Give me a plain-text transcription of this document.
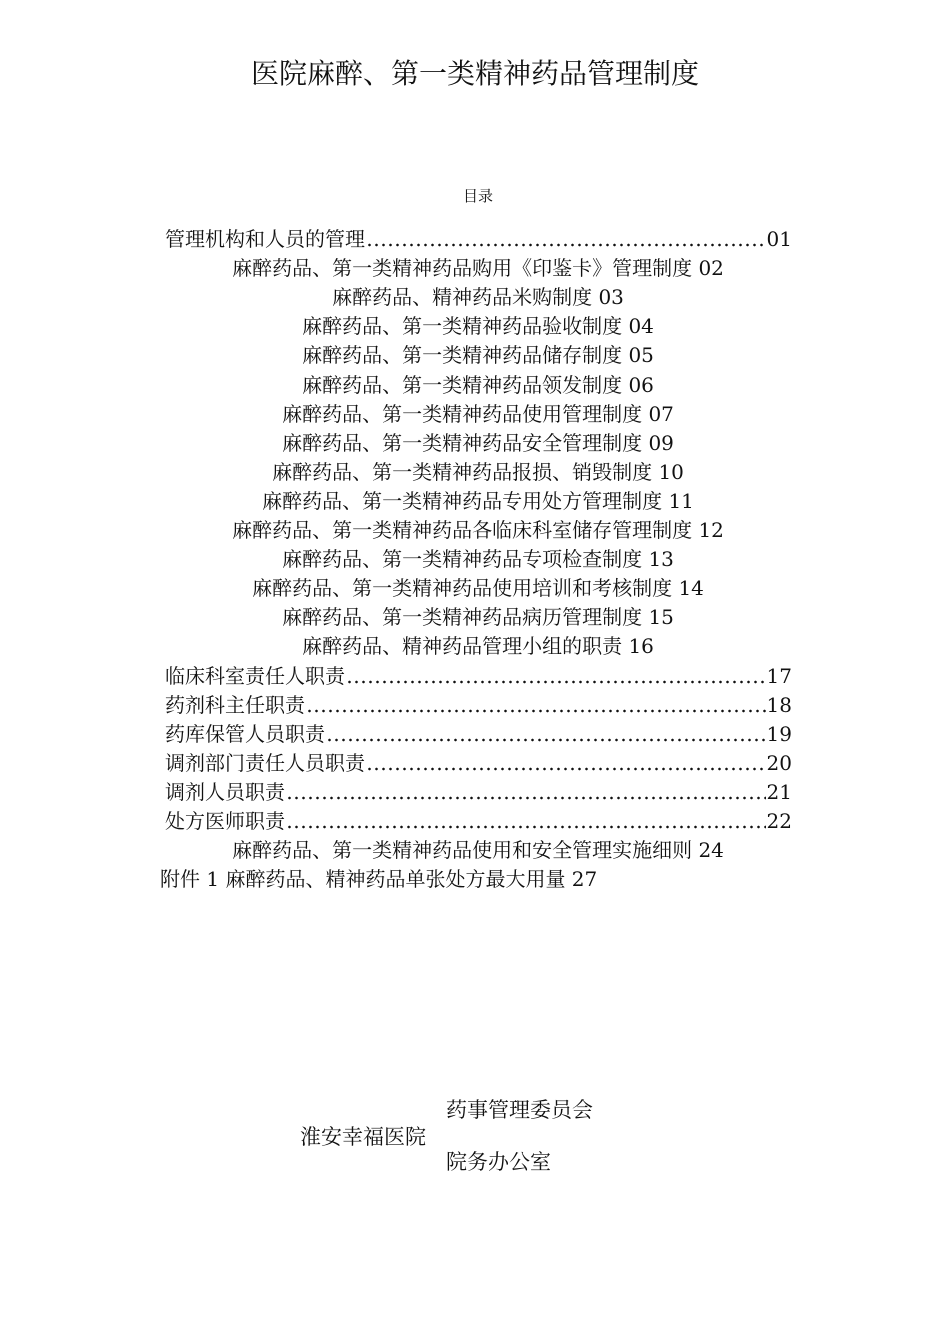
医院麻醉、第一类精神药品管理制度
目录
管理机构和人员的管理	01
麻醉药品、第一类精神药品购用《印鉴卡》管理制度 02
麻醉药品、精神药品米购制度 03
麻醉药品、第一类精神药品验收制度 04
麻醉药品、第一类精神药品储存制度 05
麻醉药品、第一类精神药品领发制度 06
麻醉药品、第一类精神药品使用管理制度 07
麻醉药品、第一类精神药品安全管理制度 09
麻醉药品、第一类精神药品报损、销毁制度 10
麻醉药品、第一类精神药品专用处方管理制度 11
麻醉药品、第一类精神药品各临床科室储存管理制度 12
麻醉药品、第一类精神药品专项检查制度 13
麻醉药品、第一类精神药品使用培训和考核制度 14
麻醉药品、第一类精神药品病历管理制度 15
麻醉药品、精神药品管理小组的职责 16
临床科室责任人职责	17
药剂科主任职责	18
药库保管人员职责	19
调剂部门责任人员职责	20
调剂人员职责	21
处方医师职责	22
麻醉药品、第一类精神药品使用和安全管理实施细则 24
附件 1 麻醉药品、精神药品单张处方最大用量 27
药事管理委员会
淮安幸福医院
院务办公室
